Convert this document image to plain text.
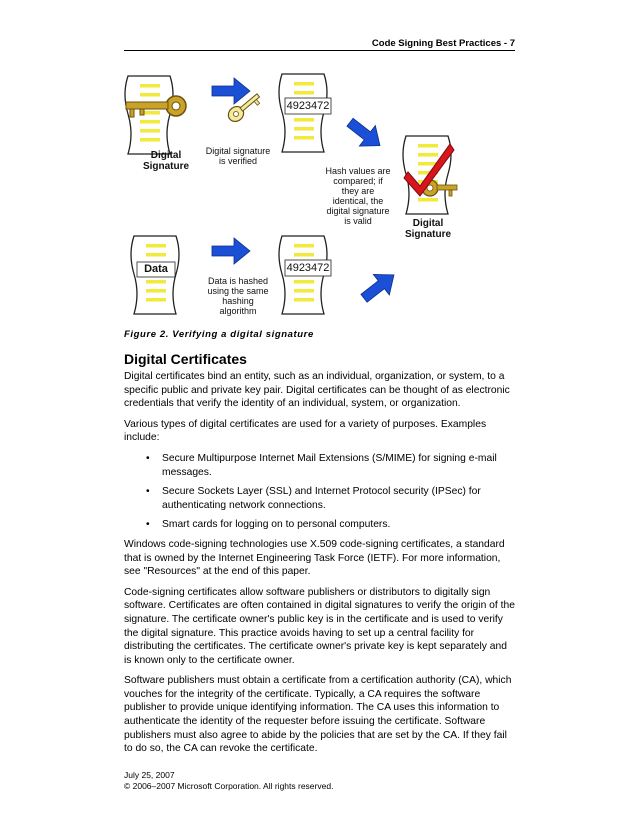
Code Signing Best Practices - 7
Digital
Signature
Digital signature
is verified
4923472
Hash values are
compared; if
they are
identical, the
digital signature
is valid	Digital
Signature
Data
Data is hashed
using the same
hashing
algorithm
4923472
Figure 2. Verifying a digital signature
Digital Certificates

Digital certificates bind an entity, such as an individual, organization, or system, to a specific public and private key pair. Digital certificates can be thought of as electronic credentials that verify the identity of an individual, system, or organization.

Various types of digital certificates are used for a variety of purposes. Examples include:

•	Secure Multipurpose Internet Mail Extensions (S/MIME) for signing e-mail messages.
•	Secure Sockets Layer (SSL) and Internet Protocol security (IPSec) for authenticating network connections.
•	Smart cards for logging on to personal computers.

Windows code-signing technologies use X.509 code-signing certificates, a standard that is owned by the Internet Engineering Task Force (IETF). For more information, see "Resources" at the end of this paper.

Code-signing certificates allow software publishers or distributors to digitally sign software. Certificates are often contained in digital signatures to verify the origin of the signature. The certificate owner's public key is in the certificate and is used to verify the digital signature. This practice avoids having to set up a central facility for distributing the certificates. The certificate owner's private key is kept separately and is known only to the certificate owner.

Software publishers must obtain a certificate from a certification authority (CA), which vouches for the integrity of the certificate. Typically, a CA requires the software publisher to provide unique identifying information. The CA uses this information to authenticate the identity of the requester before issuing the certificate. Software publishers must also agree to abide by the policies that are set by the CA. If they fail to do so, the CA can revoke the certificate.

July 25, 2007
© 2006–2007 Microsoft Corporation. All rights reserved.
